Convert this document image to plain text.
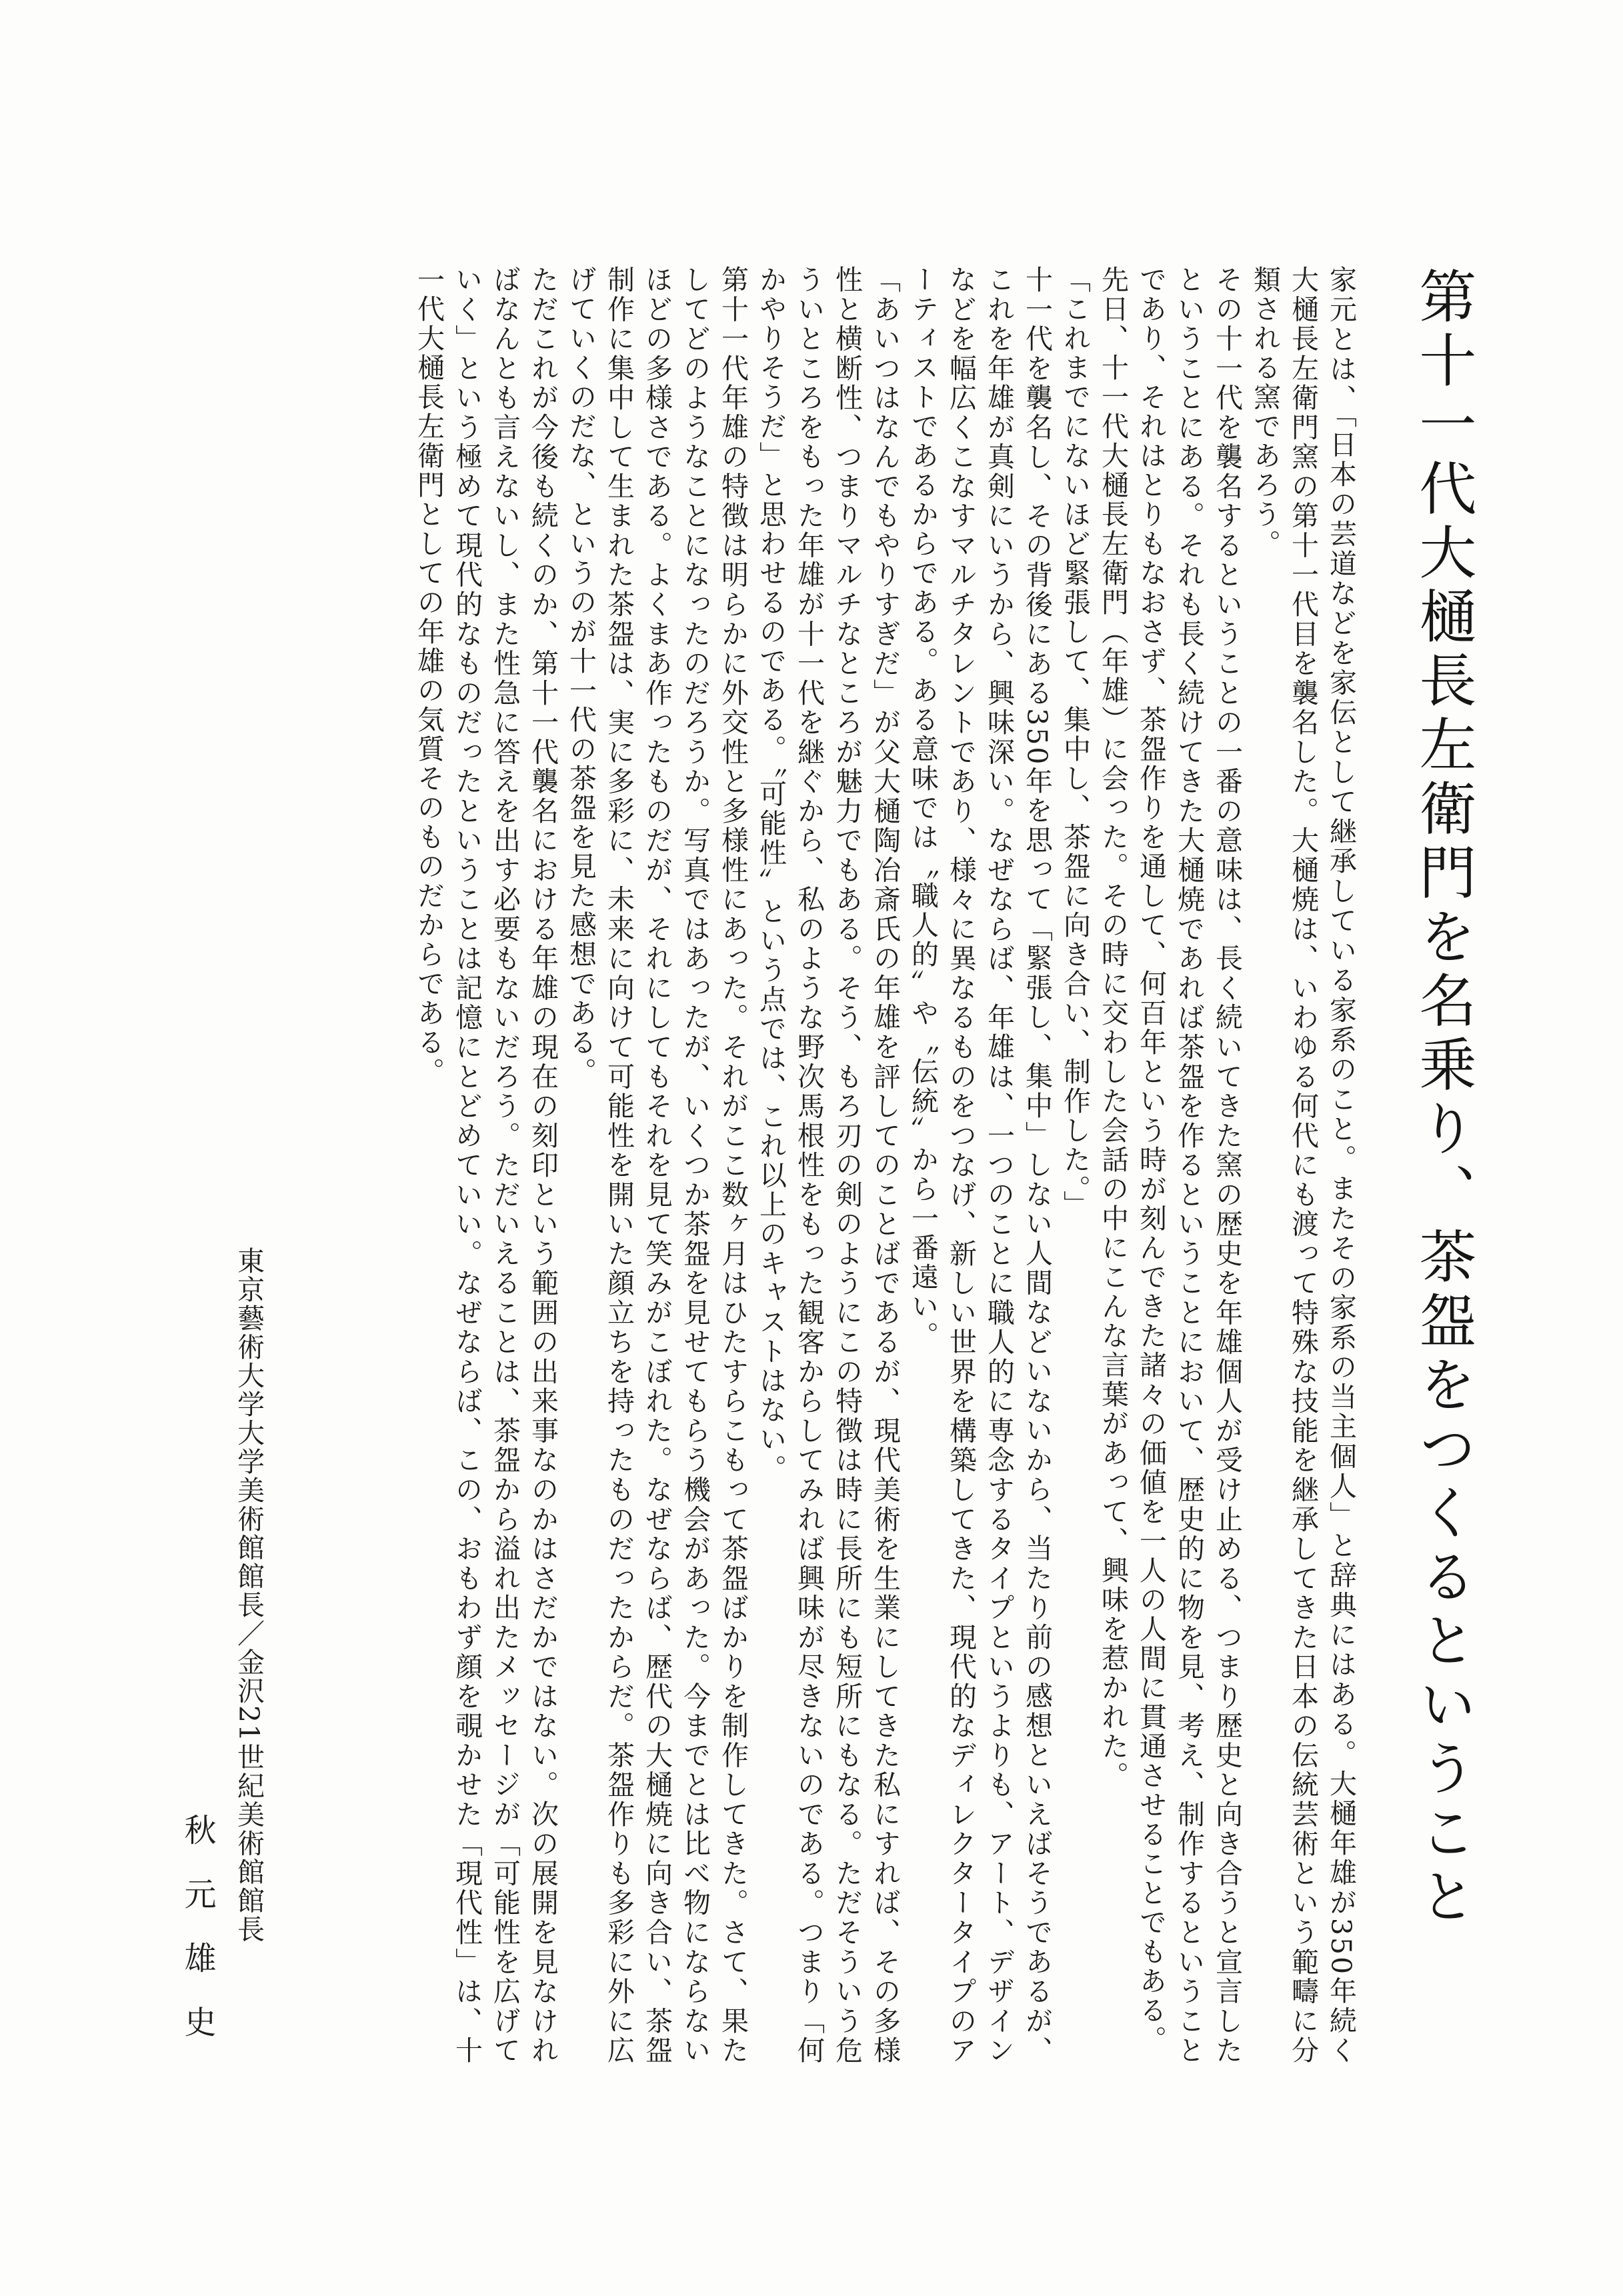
第十一代大樋長左衛門を名乗り、茶盌をつくるということ

家元とは、「日本の芸道などを家伝として継承している家系のこと。またその家系の当主個人」と辞典にはある。大樋年雄が350年続く大樋長左衛門窯の第十一代目を襲名した。大樋焼は、いわゆる何代にも渡って特殊な技能を継承してきた日本の伝統芸術という範疇に分類される窯であろう。

その十一代を襲名するということの一番の意味は、長く続いてきた窯の歴史を年雄個人が受け止める、つまり歴史と向き合うと宣言したということにある。それも長く続けてきた大樋焼であれば茶盌を作るということにおいて、歴史的に物を見、考え、制作するということであり、それはとりもなおさず、茶盌作りを通して、何百年という時が刻んできた諸々の価値を一人の人間に貫通させることでもある。

先日、十一代大樋長左衛門（年雄）に会った。その時に交わした会話の中にこんな言葉があって、興味を惹かれた。

「これまでにないほど緊張して、集中し、茶盌に向き合い、制作した。」

十一代を襲名し、その背後にある350年を思って「緊張し、集中」しない人間などいないから、当たり前の感想といえばそうであるが、これを年雄が真剣にいうから、興味深い。なぜならば、年雄は、一つのことに職人的に専念するタイプというよりも、アート、デザインなどを幅広くこなすマルチタレントであり、様々に異なるものをつなげ、新しい世界を構築してきた、現代的なディレクタータイプのアーティストであるからである。ある意味では〝職人的〟や〝伝統〟から一番遠い。

「あいつはなんでもやりすぎだ」が父大樋陶冶斎氏の年雄を評してのことばであるが、現代美術を生業にしてきた私にすれば、その多様性と横断性、つまりマルチなところが魅力でもある。そう、もろ刃の剣のようにこの特徴は時に長所にも短所にもなる。ただそういう危ういところをもった年雄が十一代を継ぐから、私のような野次馬根性をもった観客からしてみれば興味が尽きないのである。つまり「何かやりそうだ」と思わせるのである。〝可能性〟という点では、これ以上のキャストはない。

第十一代年雄の特徴は明らかに外交性と多様性にあった。それがここ数ヶ月はひたすらこもって茶盌ばかりを制作してきた。さて、果たしてどのようなことになったのだろうか。写真ではあったが、いくつか茶盌を見せてもらう機会があった。今までとは比べ物にならないほどの多様さである。よくまあ作ったものだが、それにしてもそれを見て笑みがこぼれた。なぜならば、歴代の大樋焼に向き合い、茶盌制作に集中して生まれた茶盌は、実に多彩に、未来に向けて可能性を開いた顔立ちを持ったものだったからだ。茶盌作りも多彩に外に広げていくのだな、というのが十一代の茶盌を見た感想である。

ただこれが今後も続くのか、第十一代襲名における年雄の現在の刻印という範囲の出来事なのかはさだかではない。次の展開を見なければなんとも言えないし、また性急に答えを出す必要もないだろう。ただいえることは、茶盌から溢れ出たメッセージが「可能性を広げていく」という極めて現代的なものだったということは記憶にとどめていい。なぜならば、この、おもわず顔を覗かせた「現代性」は、十一代大樋長左衛門としての年雄の気質そのものだからである。

東京藝術大学大学美術館館長／金沢21世紀美術館館長
秋元雄史
